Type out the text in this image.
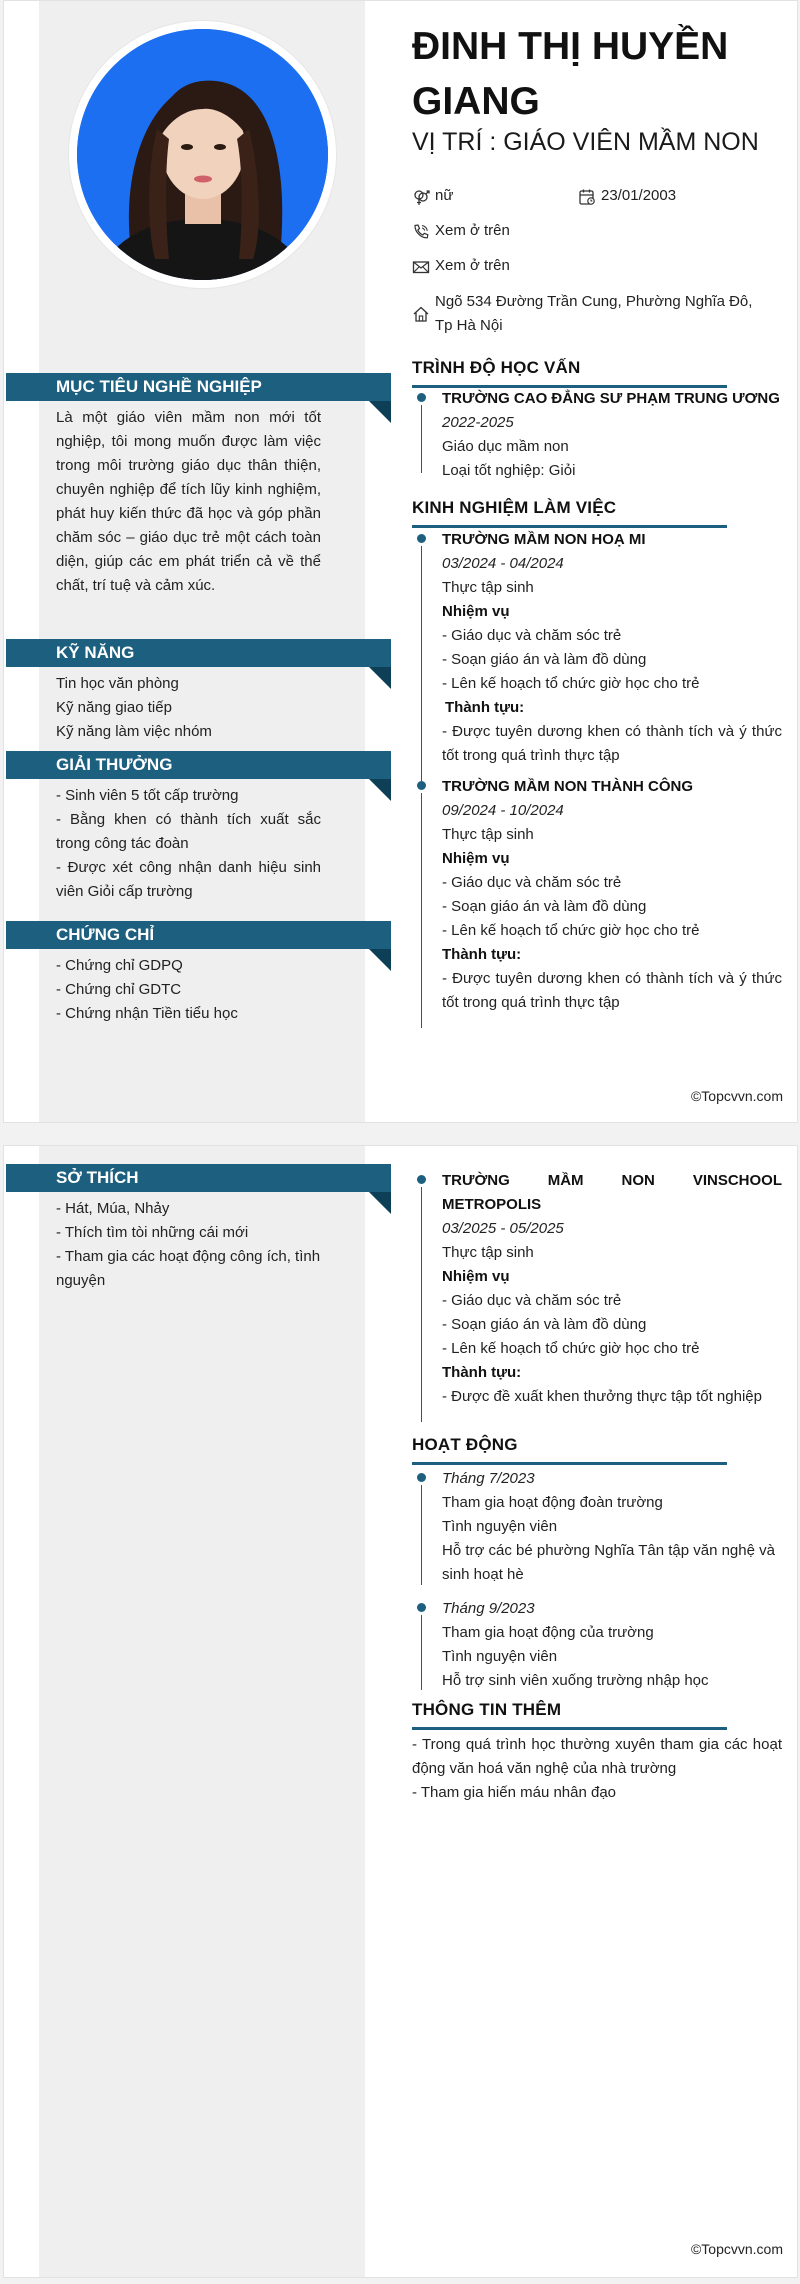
ĐINH THỊ HUYỀN GIANG
VỊ TRÍ : GIÁO VIÊN MẦM NON
nữ	23/01/2003
Xem ở trên
Xem ở trên
Ngõ 534 Đường Trần Cung, Phường Nghĩa Đô, Tp Hà Nội
MỤC TIÊU NGHỀ NGHIỆP
Là một giáo viên mầm non mới tốt nghiệp, tôi mong muốn được làm việc trong môi trường giáo dục thân thiện, chuyên nghiệp để tích lũy kinh nghiệm, phát huy kiến thức đã học và góp phần chăm sóc – giáo dục trẻ một cách toàn diện, giúp các em phát triển cả về thể chất, trí tuệ và cảm xúc.
KỸ NĂNG

Tin học văn phòng

Kỹ năng giao tiếp

Kỹ năng làm việc nhóm

GIẢI THƯỞNG

- Sinh viên 5 tốt cấp trường

- Bằng khen có thành tích xuất sắc trong công tác đoàn

- Được xét công nhận danh hiệu sinh viên Giỏi cấp trường

CHỨNG CHỈ

- Chứng chỉ GDPQ

- Chứng chỉ GDTC

- Chứng nhận Tiền tiểu học

TRÌNH ĐỘ HỌC VẤN
TRƯỜNG CAO ĐẲNG SƯ PHẠM TRUNG ƯƠNG
2022-2025
Giáo dục mầm non
Loại tốt nghiệp: Giỏi
KINH NGHIỆM LÀM VIỆC
TRƯỜNG MẦM NON HOẠ MI
03/2024 - 04/2024
Thực tập sinh
Nhiệm vụ
- Giáo dục và chăm sóc trẻ
- Soạn giáo án và làm đồ dùng
- Lên kế hoạch tổ chức giờ học cho trẻ
Thành tựu:
- Được tuyên dương khen có thành tích và ý thức tốt trong quá trình thực tập
TRƯỜNG MẦM NON THÀNH CÔNG
09/2024 - 10/2024
Thực tập sinh
Nhiệm vụ
- Giáo dục và chăm sóc trẻ
- Soạn giáo án và làm đồ dùng
- Lên kế hoạch tổ chức giờ học cho trẻ
Thành tựu:
- Được tuyên dương khen có thành tích và ý thức tốt trong quá trình thực tập
©Topcvvn.com
SỞ THÍCH

- Hát, Múa, Nhảy

- Thích tìm tòi những cái mới

- Tham gia các hoạt động công ích, tình nguyện

TRƯỜNG MẦM NON VINSCHOOL METROPOLIS
03/2025 - 05/2025
Thực tập sinh
Nhiệm vụ
- Giáo dục và chăm sóc trẻ
- Soạn giáo án và làm đồ dùng
- Lên kế hoạch tổ chức giờ học cho trẻ
Thành tựu:
- Được đề xuất khen thưởng thực tập tốt nghiệp
HOẠT ĐỘNG
Tháng 7/2023
Tham gia hoạt động đoàn trường
Tình nguyện viên
Hỗ trợ các bé phường Nghĩa Tân tập văn nghệ và sinh hoạt hè
Tháng 9/2023
Tham gia hoạt động của trường
Tình nguyện viên
Hỗ trợ sinh viên xuống trường nhập học
THÔNG TIN THÊM
- Trong quá trình học thường xuyên tham gia các hoạt động văn hoá văn nghệ của nhà trường
- Tham gia hiến máu nhân đạo
©Topcvvn.com
